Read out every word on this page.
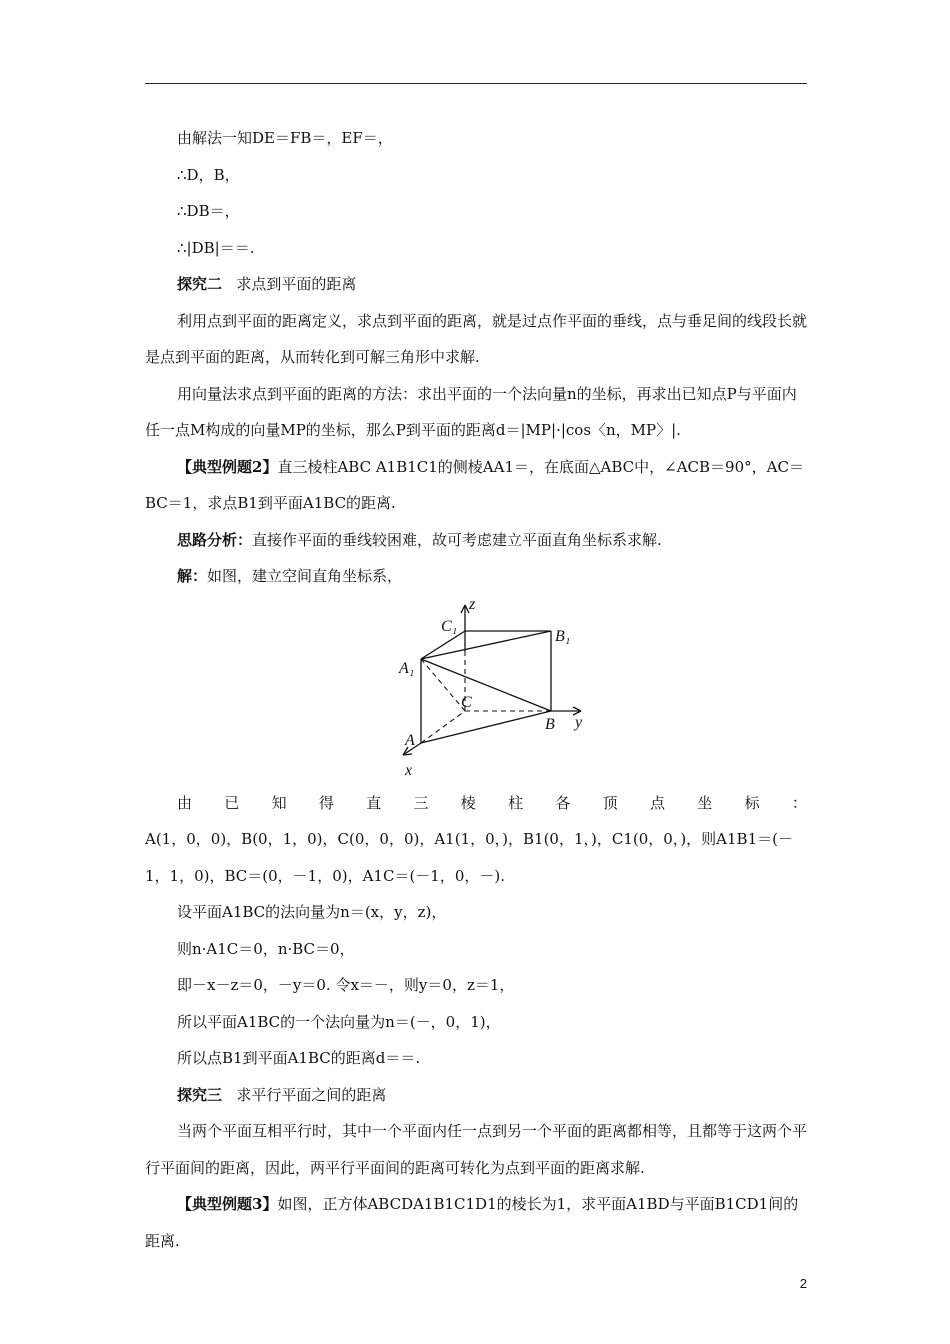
由解法一知DE＝FB＝，EF＝，

∴D，B，

∴DB＝，

∴|DB|＝＝.

探究二 求点到平面的距离

利用点到平面的距离定义，求点到平面的距离，就是过点作平面的垂线，点与垂足间的线段长就是点到平面的距离，从而转化到可解三角形中求解.

用向量法求点到平面的距离的方法：求出平面的一个法向量n的坐标，再求出已知点P与平面内任一点M构成的向量MP的坐标，那么P到平面的距离d＝|MP|·|cos〈n，MP〉|.

【典型例题2】直三棱柱ABC A1B1C1的侧棱AA1＝，在底面△ABC中，∠ACB＝90°，AC＝BC＝1，求点B1到平面A1BC的距离.

思路分析：直接作平面的垂线较困难，故可考虑建立平面直角坐标系求解.

解：如图，建立空间直角坐标系，

z
y
x
C₁
B₁
A₁
C
B
A
由 已 知 得 直 三 棱 柱 各 顶 点 坐 标 ：

A(1，0，0)，B(0，1，0)，C(0，0，0)，A1(1，0，)，B1(0，1，)，C1(0，0，)，则A1B1＝(－1，1，0)，BC＝(0，－1，0)，A1C＝(－1，0，－).

设平面A1BC的法向量为n＝(x，y，z)，

则n·A1C＝0，n·BC＝0，

即－x－z＝0，－y＝0. 令x＝－，则y＝0，z＝1，

所以平面A1BC的一个法向量为n＝(－，0，1)，

所以点B1到平面A1BC的距离d＝＝.

探究三 求平行平面之间的距离

当两个平面互相平行时，其中一个平面内任一点到另一个平面的距离都相等，且都等于这两个平行平面间的距离，因此，两平行平面间的距离可转化为点到平面的距离求解.

【典型例题3】如图，正方体ABCDA1B1C1D1的棱长为1，求平面A1BD与平面B1CD1间的距离.

2
